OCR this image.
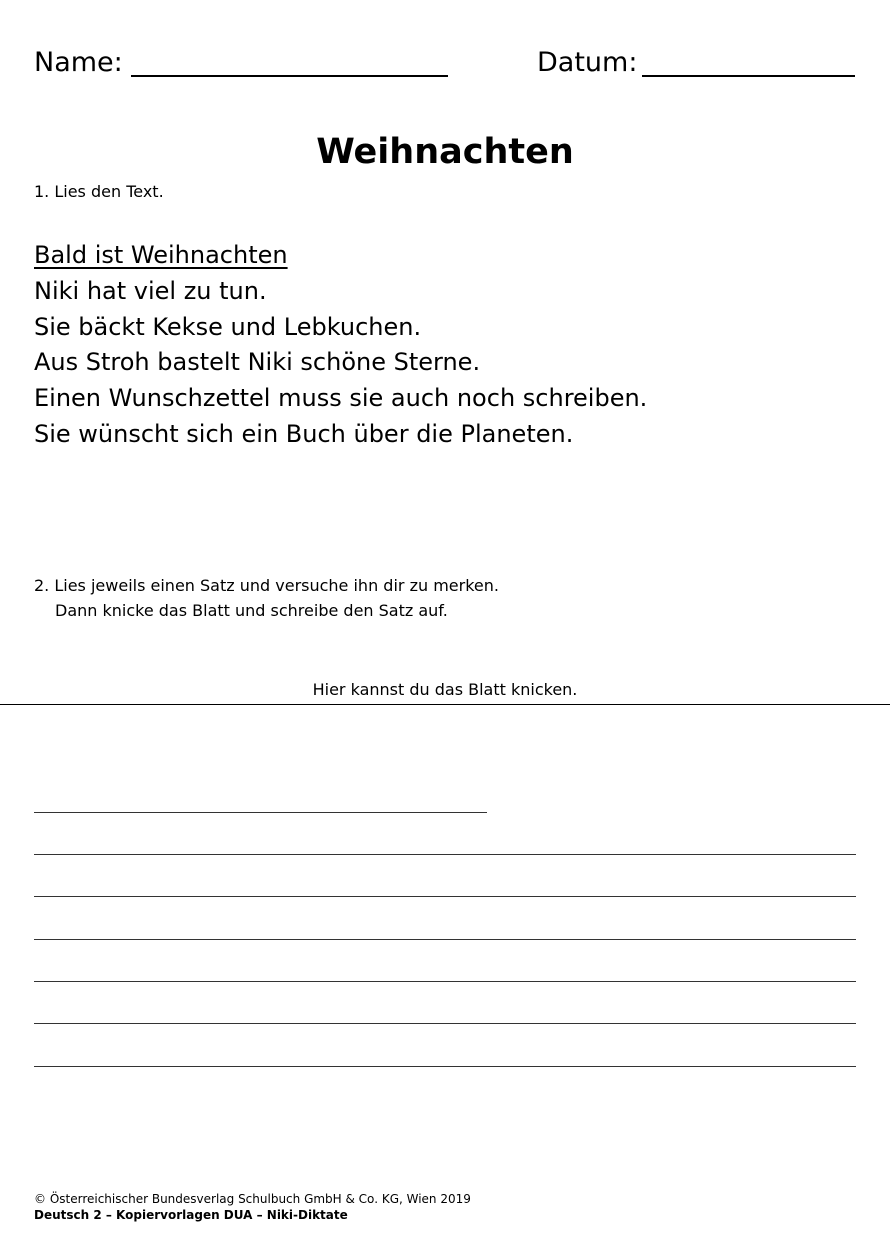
Name:	Datum:
Weihnachten
1. Lies den Text.
Bald ist Weihnachten
Niki hat viel zu tun.
Sie bäckt Kekse und Lebkuchen.
Aus Stroh bastelt Niki schöne Sterne.
Einen Wunschzettel muss sie auch noch schreiben.
Sie wünscht sich ein Buch über die Planeten.
2. Lies jeweils einen Satz und versuche ihn dir zu merken.
Dann knicke das Blatt und schreibe den Satz auf.
Hier kannst du das Blatt knicken.
© Österreichischer Bundesverlag Schulbuch GmbH & Co. KG, Wien 2019
Deutsch 2 – Kopiervorlagen DUA – Niki-Diktate
